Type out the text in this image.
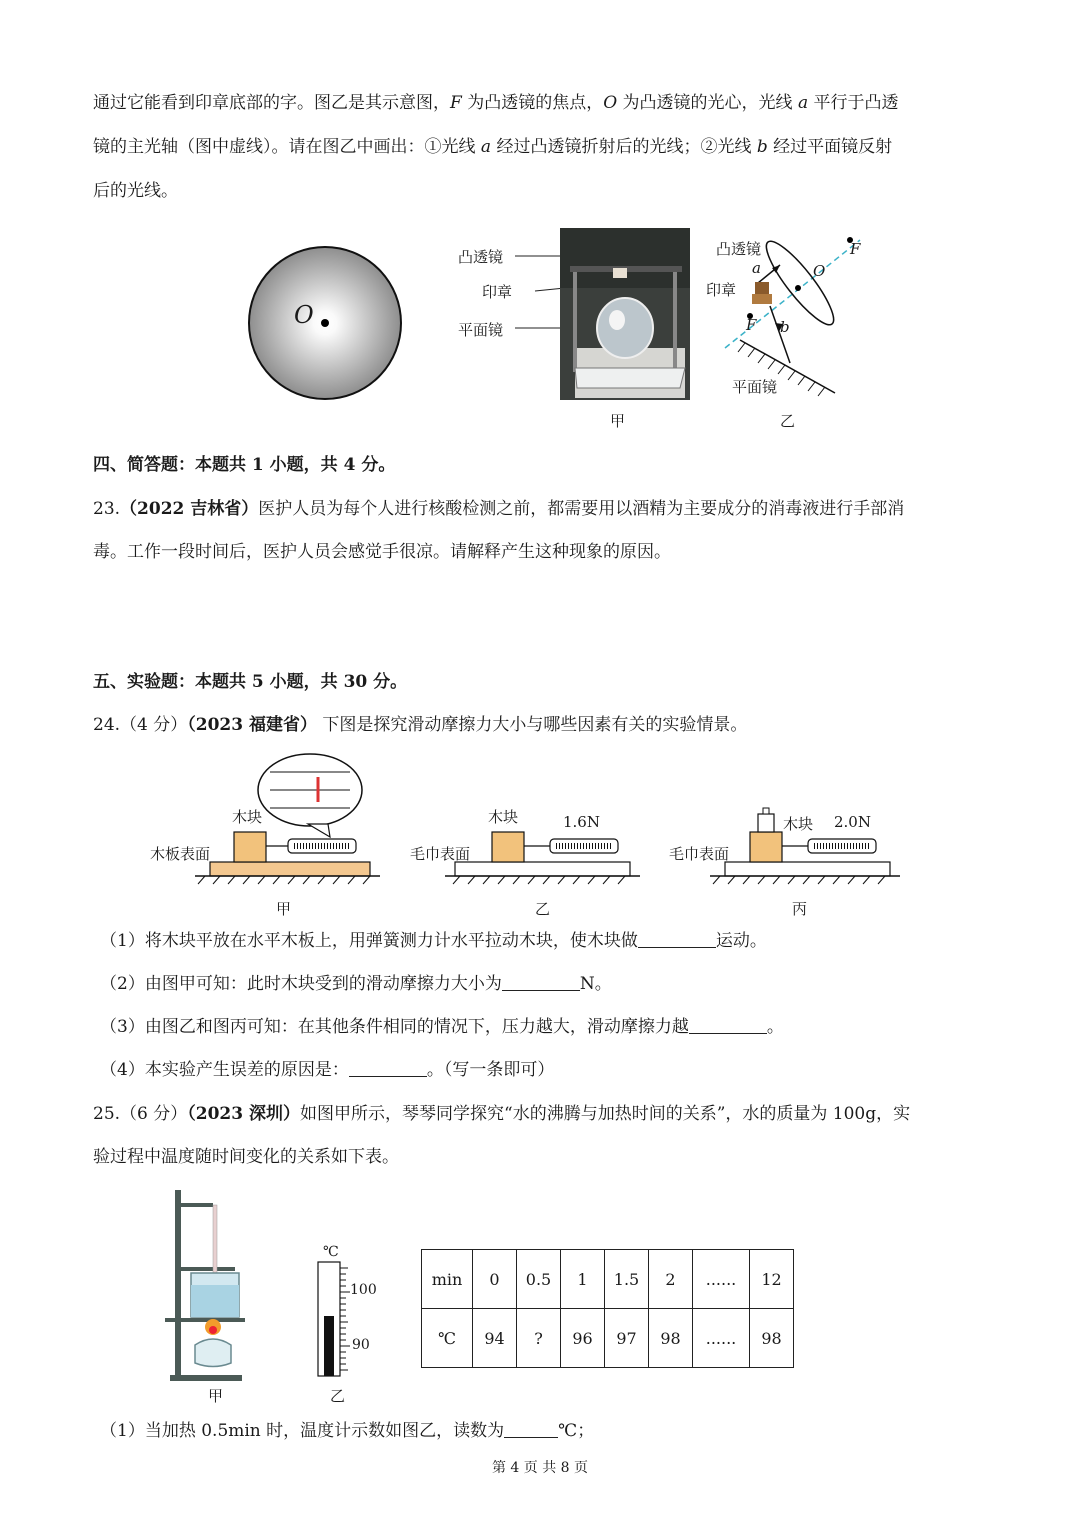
通过它能看到印章底部的字。图乙是其示意图，F 为凸透镜的焦点，O 为凸透镜的光心，光线 a 平行于凸透
镜的主光轴（图中虚线）。请在图乙中画出：①光线 a 经过凸透镜折射后的光线；②光线 b 经过平面镜反射
后的光线。
O
凸透镜
印章
平面镜
甲
凸透镜
印章
平面镜
a
b
O
F
F
乙
四、简答题：本题共 1 小题，共 4 分。
23.（2022 吉林省）医护人员为每个人进行核酸检测之前，都需要用以酒精为主要成分的消毒液进行手部消
毒。工作一段时间后，医护人员会感觉手很凉。请解释产生这种现象的原因。
五、实验题：本题共 5 小题，共 30 分。
24.（4 分）（2023 福建省） 下图是探究滑动摩擦力大小与哪些因素有关的实验情景。
木块
木板表面
甲
木块	1.6N
毛巾表面
乙
木块 2.0N
毛巾表面
丙
（1）将木块平放在水平木板上，用弹簧测力计水平拉动木块，使木块做	运动。
（2）由图甲可知：此时木块受到的滑动摩擦力大小为	N。
（3）由图乙和图丙可知：在其他条件相同的情况下，压力越大，滑动摩擦力越	。
（4）本实验产生误差的原因是：	。（写一条即可）
25.（6 分）（2023 深圳）如图甲所示，琴琴同学探究“水的沸腾与加热时间的关系”，水的质量为 100g，实
验过程中温度随时间变化的关系如下表。
甲
℃
100
90
乙
min	0	0.5	1	1.5	2	......	12
℃	94	?	96	97	98	......	98
（1）当加热 0.5min 时，温度计示数如图乙，读数为	℃；
第 4 页 共 8 页
